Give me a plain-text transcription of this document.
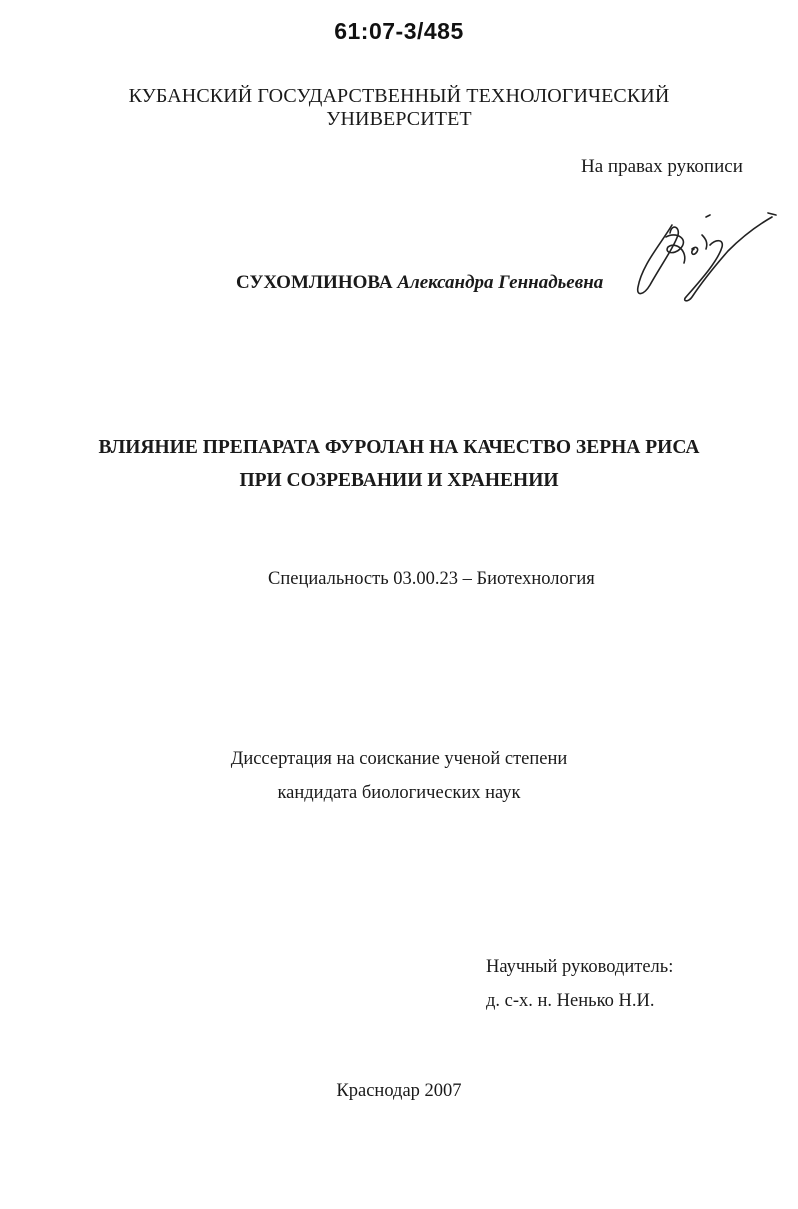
61:07-3/485
КУБАНСКИЙ ГОСУДАРСТВЕННЫЙ ТЕХНОЛОГИЧЕСКИЙ
УНИВЕРСИТЕТ
На правах рукописи
СУХОМЛИНОВА Александра Геннадьевна
ВЛИЯНИЕ ПРЕПАРАТА ФУРОЛАН НА КАЧЕСТВО ЗЕРНА РИСА
ПРИ СОЗРЕВАНИИ И ХРАНЕНИИ
Специальность 03.00.23 – Биотехнология
Диссертация на соискание ученой степени
кандидата биологических наук
Научный руководитель:
д. с-х. н. Ненько Н.И.
Краснодар 2007
